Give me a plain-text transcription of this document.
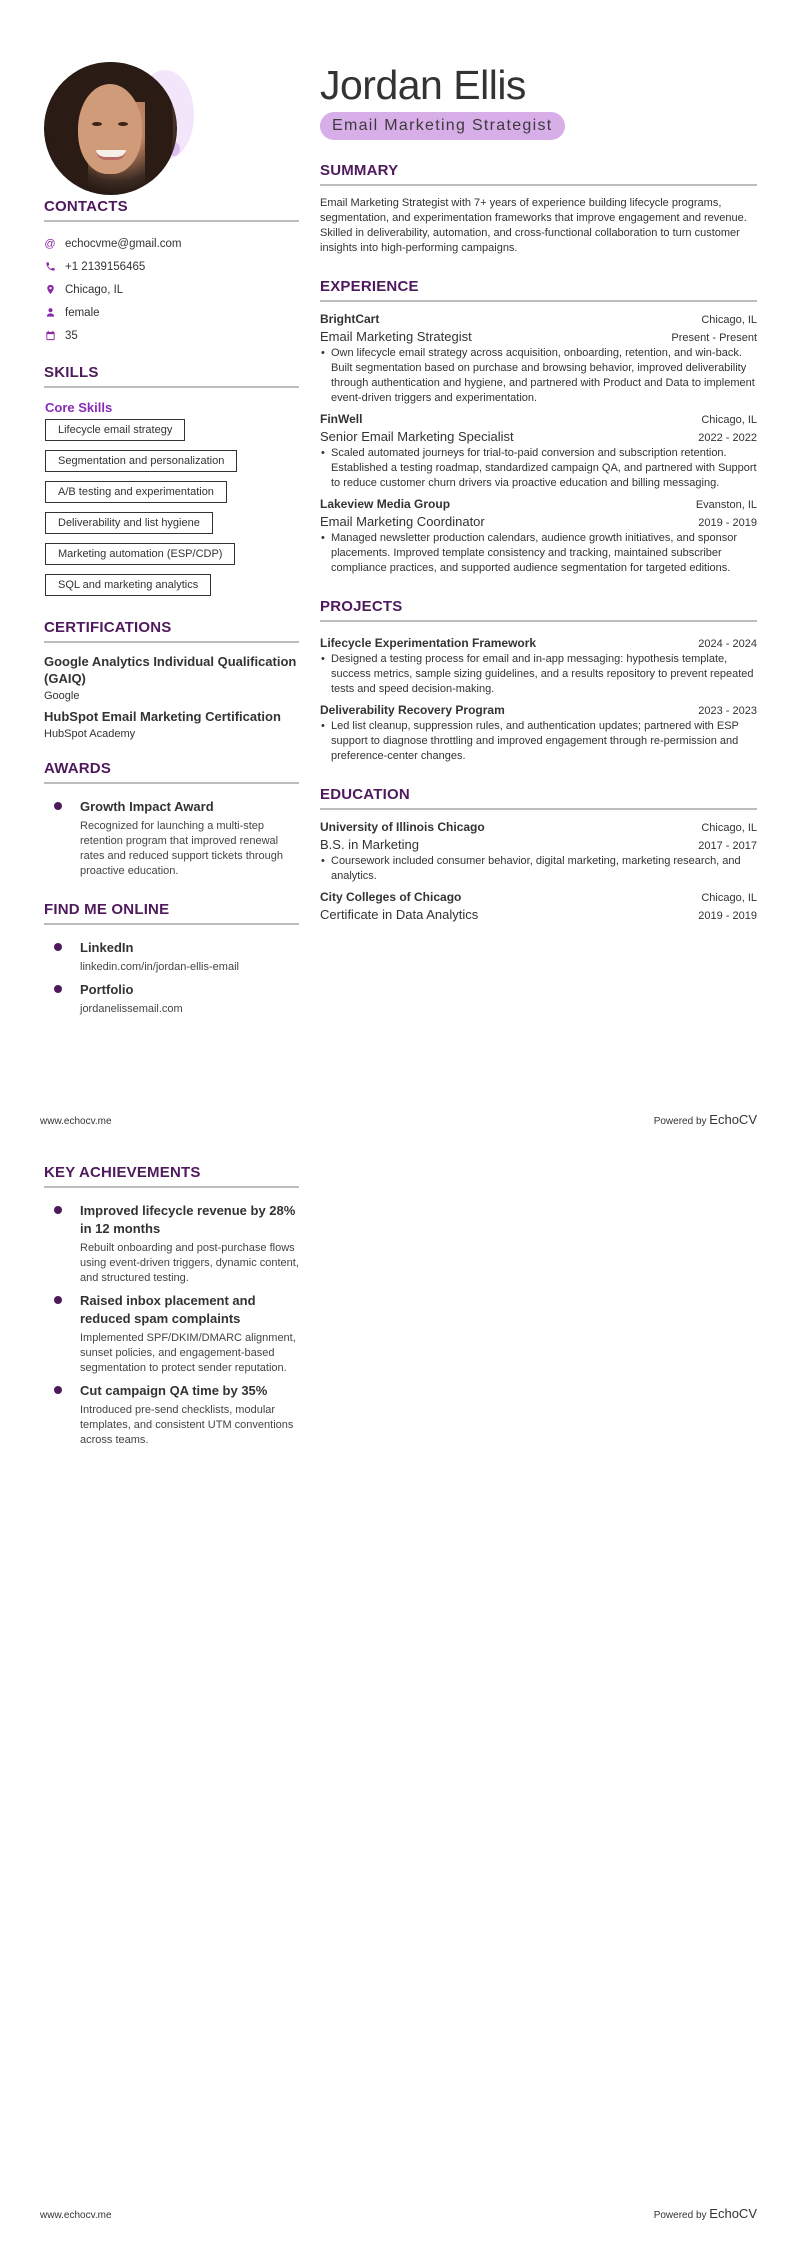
CONTACTS
@ echocvme@gmail.com
+1 2139156465
Chicago, IL
female
35
SKILLS
Core Skills
Lifecycle email strategy
Segmentation and personalization
A/B testing and experimentation
Deliverability and list hygiene
Marketing automation (ESP/CDP)
SQL and marketing analytics
CERTIFICATIONS
Google Analytics Individual Qualification (GAIQ)
Google
HubSpot Email Marketing Certification
HubSpot Academy
AWARDS
Growth Impact Award
Recognized for launching a multi-step retention program that improved renewal rates and reduced support tickets through proactive education.
FIND ME ONLINE
LinkedIn
linkedin.com/in/jordan-ellis-email
Portfolio
jordanelissemail.com
Jordan Ellis
Email Marketing Strategist
SUMMARY
Email Marketing Strategist with 7+ years of experience building lifecycle programs, segmentation, and experimentation frameworks that improve engagement and revenue. Skilled in deliverability, automation, and cross-functional collaboration to turn customer insights into high-performing campaigns.
EXPERIENCE
BrightCart	Chicago, IL
Email Marketing Strategist	Present - Present
• Own lifecycle email strategy across acquisition, onboarding, retention, and win-back. Built segmentation based on purchase and browsing behavior, improved deliverability through authentication and hygiene, and partnered with Product and Data to implement event-driven triggers and experimentation.
FinWell	Chicago, IL
Senior Email Marketing Specialist	2022 - 2022
• Scaled automated journeys for trial-to-paid conversion and subscription retention. Established a testing roadmap, standardized campaign QA, and partnered with Support to reduce customer churn drivers via proactive education and billing messaging.
Lakeview Media Group	Evanston, IL
Email Marketing Coordinator	2019 - 2019
• Managed newsletter production calendars, audience growth initiatives, and sponsor placements. Improved template consistency and tracking, maintained subscriber compliance practices, and supported audience segmentation for targeted editions.
PROJECTS
Lifecycle Experimentation Framework	2024 - 2024
• Designed a testing process for email and in-app messaging: hypothesis template, success metrics, sample sizing guidelines, and a results repository to prevent repeated tests and speed decision-making.
Deliverability Recovery Program	2023 - 2023
• Led list cleanup, suppression rules, and authentication updates; partnered with ESP support to diagnose throttling and improved engagement through re-permission and preference-center changes.
EDUCATION
University of Illinois Chicago	Chicago, IL
B.S. in Marketing	2017 - 2017
• Coursework included consumer behavior, digital marketing, marketing research, and analytics.
City Colleges of Chicago	Chicago, IL
Certificate in Data Analytics	2019 - 2019
www.echocv.me	Powered by EchoCV
KEY ACHIEVEMENTS
Improved lifecycle revenue by 28% in 12 months
Rebuilt onboarding and post-purchase flows using event-driven triggers, dynamic content, and structured testing.
Raised inbox placement and reduced spam complaints
Implemented SPF/DKIM/DMARC alignment, sunset policies, and engagement-based segmentation to protect sender reputation.
Cut campaign QA time by 35%
Introduced pre-send checklists, modular templates, and consistent UTM conventions across teams.
www.echocv.me	Powered by EchoCV
